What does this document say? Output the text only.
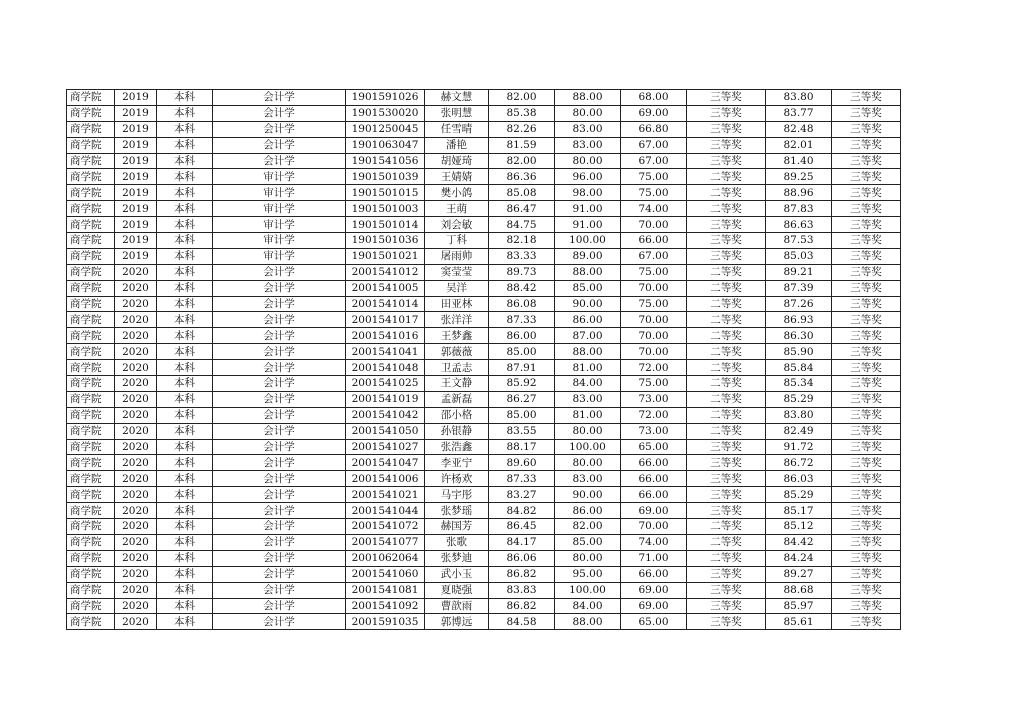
商学院	2019	本科	会计学	1901591026	赫文慧	82.00	88.00	68.00	三等奖	83.80	三等奖
商学院	2019	本科	会计学	1901530020	张明慧	85.38	80.00	69.00	三等奖	83.77	三等奖
商学院	2019	本科	会计学	1901250045	任雪晴	82.26	83.00	66.80	三等奖	82.48	三等奖
商学院	2019	本科	会计学	1901063047	潘艳	81.59	83.00	67.00	三等奖	82.01	三等奖
商学院	2019	本科	会计学	1901541056	胡娅琦	82.00	80.00	67.00	三等奖	81.40	三等奖
商学院	2019	本科	审计学	1901501039	王婧婧	86.36	96.00	75.00	二等奖	89.25	三等奖
商学院	2019	本科	审计学	1901501015	樊小鸽	85.08	98.00	75.00	二等奖	88.96	三等奖
商学院	2019	本科	审计学	1901501003	王萌	86.47	91.00	74.00	二等奖	87.83	三等奖
商学院	2019	本科	审计学	1901501014	刘会敏	84.75	91.00	70.00	三等奖	86.63	三等奖
商学院	2019	本科	审计学	1901501036	丁科	82.18	100.00	66.00	三等奖	87.53	三等奖
商学院	2019	本科	审计学	1901501021	屠雨帅	83.33	89.00	67.00	三等奖	85.03	三等奖
商学院	2020	本科	会计学	2001541012	窦莹莹	89.73	88.00	75.00	二等奖	89.21	三等奖
商学院	2020	本科	会计学	2001541005	吴洋	88.42	85.00	70.00	二等奖	87.39	三等奖
商学院	2020	本科	会计学	2001541014	田亚林	86.08	90.00	75.00	二等奖	87.26	三等奖
商学院	2020	本科	会计学	2001541017	张洋洋	87.33	86.00	70.00	二等奖	86.93	三等奖
商学院	2020	本科	会计学	2001541016	王梦鑫	86.00	87.00	70.00	二等奖	86.30	三等奖
商学院	2020	本科	会计学	2001541041	郭薇薇	85.00	88.00	70.00	二等奖	85.90	三等奖
商学院	2020	本科	会计学	2001541048	卫孟志	87.91	81.00	72.00	二等奖	85.84	三等奖
商学院	2020	本科	会计学	2001541025	王文静	85.92	84.00	75.00	二等奖	85.34	三等奖
商学院	2020	本科	会计学	2001541019	孟新磊	86.27	83.00	73.00	二等奖	85.29	三等奖
商学院	2020	本科	会计学	2001541042	邵小格	85.00	81.00	72.00	二等奖	83.80	三等奖
商学院	2020	本科	会计学	2001541050	孙银静	83.55	80.00	73.00	二等奖	82.49	三等奖
商学院	2020	本科	会计学	2001541027	张浩鑫	88.17	100.00	65.00	三等奖	91.72	三等奖
商学院	2020	本科	会计学	2001541047	李亚宁	89.60	80.00	66.00	三等奖	86.72	三等奖
商学院	2020	本科	会计学	2001541006	许杨欢	87.33	83.00	66.00	三等奖	86.03	三等奖
商学院	2020	本科	会计学	2001541021	马宇彤	83.27	90.00	66.00	三等奖	85.29	三等奖
商学院	2020	本科	会计学	2001541044	张梦瑶	84.82	86.00	69.00	三等奖	85.17	三等奖
商学院	2020	本科	会计学	2001541072	赫国芳	86.45	82.00	70.00	二等奖	85.12	三等奖
商学院	2020	本科	会计学	2001541077	张歌	84.17	85.00	74.00	二等奖	84.42	三等奖
商学院	2020	本科	会计学	2001062064	张梦迪	86.06	80.00	71.00	二等奖	84.24	三等奖
商学院	2020	本科	会计学	2001541060	武小玉	86.82	95.00	66.00	三等奖	89.27	三等奖
商学院	2020	本科	会计学	2001541081	夏晓强	83.83	100.00	69.00	三等奖	88.68	三等奖
商学院	2020	本科	会计学	2001541092	曹歆雨	86.82	84.00	69.00	三等奖	85.97	三等奖
商学院	2020	本科	会计学	2001591035	郭博远	84.58	88.00	65.00	三等奖	85.61	三等奖
